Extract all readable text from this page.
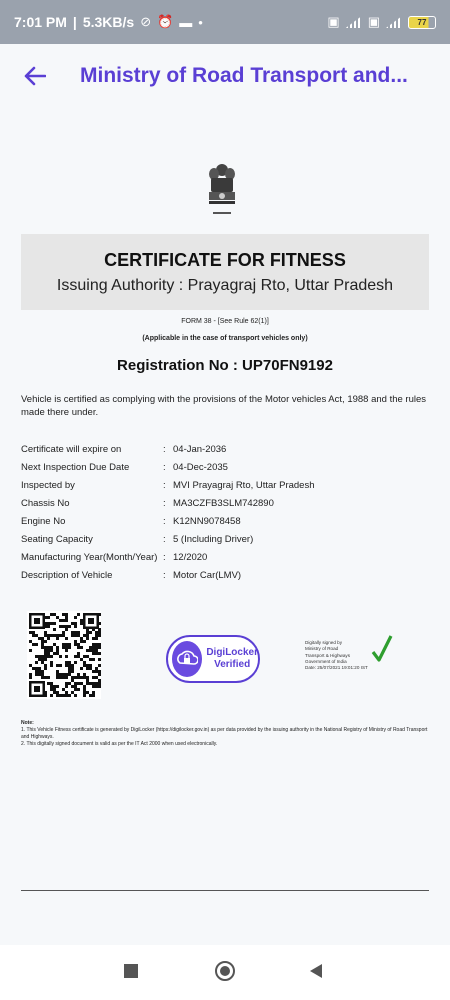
7:01 PM | 5.3KB/s ⊘ ⏰ ▬ •	▣ ▣	77
Ministry of Road Transport and...
CERTIFICATE FOR FITNESS
Issuing Authority : Prayagraj Rto, Uttar Pradesh
FORM 38 - [See Rule 62(1)]
(Applicable in the case of transport vehicles only)
Registration No : UP70FN9192
Vehicle is certified as complying with the provisions of the Motor vehicles Act, 1988 and the rules made there under.
Certificate will expire on	: 04-Jan-2036
Next Inspection Due Date	: 04-Dec-2035
Inspected by	: MVI Prayagraj Rto, Uttar Pradesh
Chassis No	: MA3CZFB3SLM742890
Engine No	: K12NN9078458
Seating Capacity	: 5 (Including Driver)
Manufacturing Year(Month/Year) : 12/2020
Description of Vehicle	: Motor Car(LMV)
DigiLocker
Verified
Digitally signed by
Ministry of Road
Transport & Highways
Government of India
Date: 25/07/2021 19:01:20 IST
Note:
1. This Vehicle Fitness certificate is generated by DigiLocker (https://digilocker.gov.in) as per data provided by the issuing authority in the National Registry of Ministry of Road Transport and Highways.
2. This digitally signed document is valid as per the IT Act 2000 when used electronically.
